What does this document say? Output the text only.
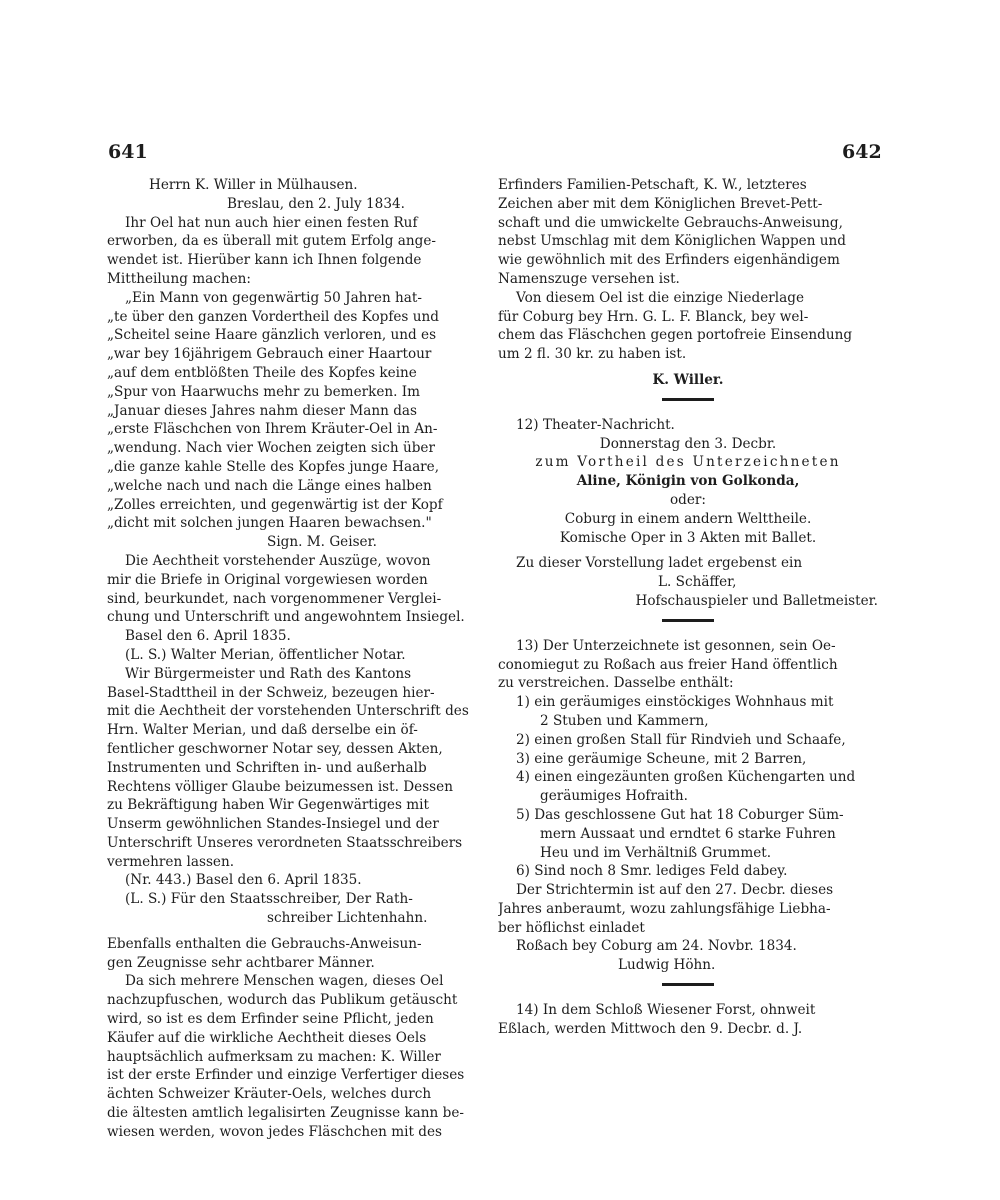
641	642
Herrn K. Willer in Mülhausen.
Breslau, den 2. July 1834.
Ihr Oel hat nun auch hier einen festen Ruf
erworben, da es überall mit gutem Erfolg ange-
wendet ist. Hierüber kann ich Ihnen folgende
Mittheilung machen:
„Ein Mann von gegenwärtig 50 Jahren hat-
„te über den ganzen Vordertheil des Kopfes und
„Scheitel seine Haare gänzlich verloren, und es
„war bey 16jährigem Gebrauch einer Haartour
„auf dem entblößten Theile des Kopfes keine
„Spur von Haarwuchs mehr zu bemerken. Im
„Januar dieses Jahres nahm dieser Mann das
„erste Fläschchen von Ihrem Kräuter-Oel in An-
„wendung. Nach vier Wochen zeigten sich über
„die ganze kahle Stelle des Kopfes junge Haare,
„welche nach und nach die Länge eines halben
„Zolles erreichten, und gegenwärtig ist der Kopf
„dicht mit solchen jungen Haaren bewachsen."
Sign. M. Geiser.
Die Aechtheit vorstehender Auszüge, wovon
mir die Briefe in Original vorgewiesen worden
sind, beurkundet, nach vorgenommener Verglei-
chung und Unterschrift und angewohntem Insiegel.
Basel den 6. April 1835.
(L. S.) Walter Merian, öffentlicher Notar.
Wir Bürgermeister und Rath des Kantons
Basel-Stadttheil in der Schweiz, bezeugen hier-
mit die Aechtheit der vorstehenden Unterschrift des
Hrn. Walter Merian, und daß derselbe ein öf-
fentlicher geschworner Notar sey, dessen Akten,
Instrumenten und Schriften in- und außerhalb
Rechtens völliger Glaube beizumessen ist. Dessen
zu Bekräftigung haben Wir Gegenwärtiges mit
Unserm gewöhnlichen Standes-Insiegel und der
Unterschrift Unseres verordneten Staatsschreibers
vermehren lassen.
(Nr. 443.) Basel den 6. April 1835.
(L. S.) Für den Staatsschreiber, Der Rath-
schreiber Lichtenhahn.
Ebenfalls enthalten die Gebrauchs-Anweisun-
gen Zeugnisse sehr achtbarer Männer.
Da sich mehrere Menschen wagen, dieses Oel
nachzupfuschen, wodurch das Publikum getäuscht
wird, so ist es dem Erfinder seine Pflicht, jeden
Käufer auf die wirkliche Aechtheit dieses Oels
hauptsächlich aufmerksam zu machen: K. Willer
ist der erste Erfinder und einzige Verfertiger dieses
ächten Schweizer Kräuter-Oels, welches durch
die ältesten amtlich legalisirten Zeugnisse kann be-
wiesen werden, wovon jedes Fläschchen mit des
Erfinders Familien-Petschaft, K. W., letzteres
Zeichen aber mit dem Königlichen Brevet-Pett-
schaft und die umwickelte Gebrauchs-Anweisung,
nebst Umschlag mit dem Königlichen Wappen und
wie gewöhnlich mit des Erfinders eigenhändigem
Namenszuge versehen ist.
Von diesem Oel ist die einzige Niederlage
für Coburg bey Hrn. G. L. F. Blanck, bey wel-
chem das Fläschchen gegen portofreie Einsendung
um 2 fl. 30 kr. zu haben ist.
K. Willer.
12) Theater-Nachricht.
Donnerstag den 3. Decbr.
zum Vortheil des Unterzeichneten
Aline, Königin von Golkonda,
oder:
Coburg in einem andern Welttheile.
Komische Oper in 3 Akten mit Ballet.
Zu dieser Vorstellung ladet ergebenst ein
L. Schäffer,
Hofschauspieler und Balletmeister.
13) Der Unterzeichnete ist gesonnen, sein Oe-
conomiegut zu Roßach aus freier Hand öffentlich
zu verstreichen. Dasselbe enthält:
1) ein geräumiges einstöckiges Wohnhaus mit
2 Stuben und Kammern,
2) einen großen Stall für Rindvieh und Schaafe,
3) eine geräumige Scheune, mit 2 Barren,
4) einen eingezäunten großen Küchengarten und
geräumiges Hofraith.
5) Das geschlossene Gut hat 18 Coburger Süm-
mern Aussaat und erndtet 6 starke Fuhren
Heu und im Verhältniß Grummet.
6) Sind noch 8 Smr. lediges Feld dabey.
Der Strichtermin ist auf den 27. Decbr. dieses
Jahres anberaumt, wozu zahlungsfähige Liebha-
ber höflichst einladet
Roßach bey Coburg am 24. Novbr. 1834.
Ludwig Höhn.
14) In dem Schloß Wiesener Forst, ohnweit
Eßlach, werden Mittwoch den 9. Decbr. d. J.
